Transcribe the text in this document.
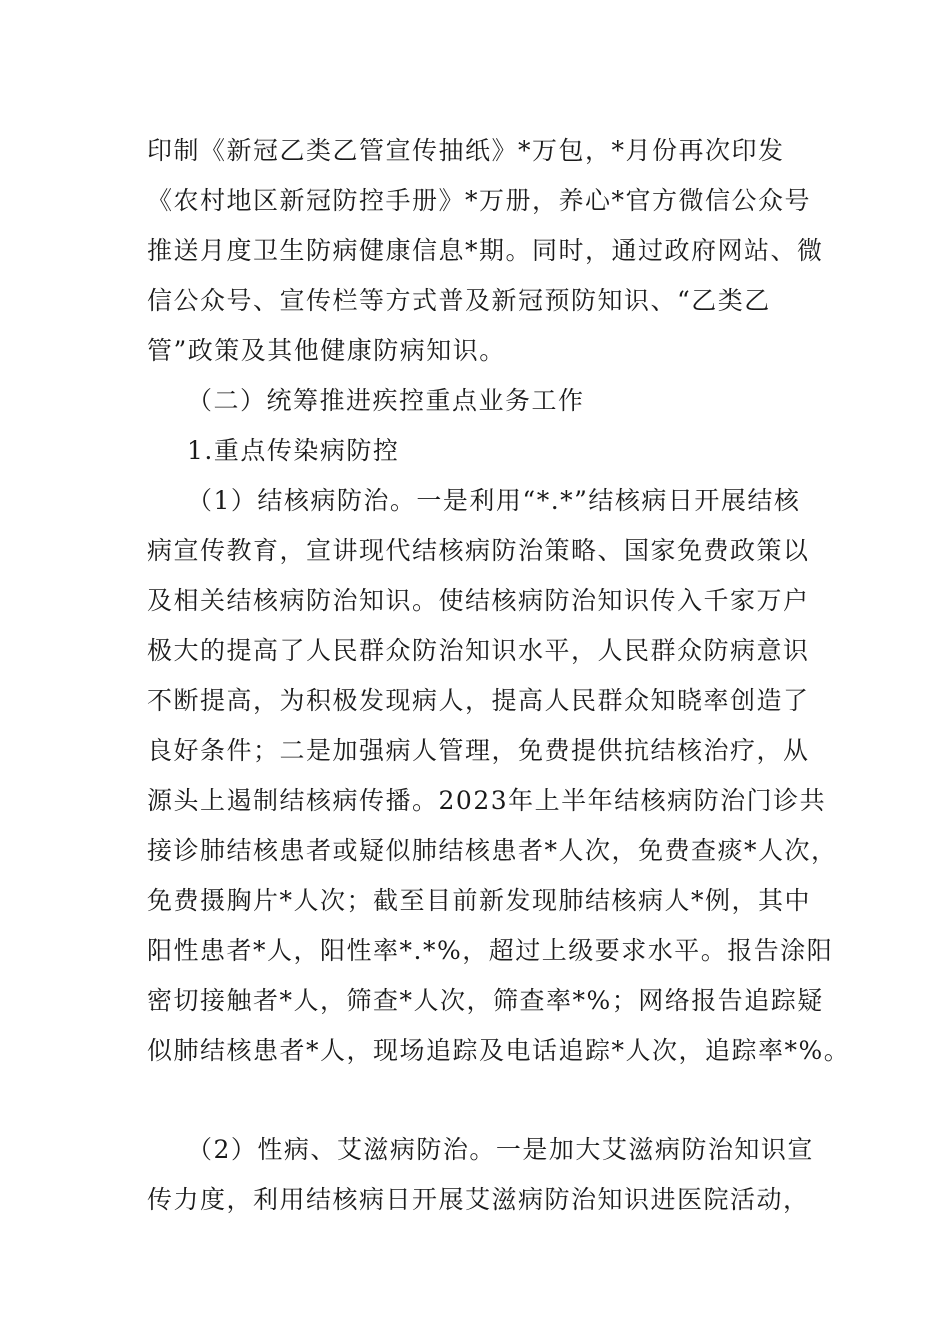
印制《新冠乙类乙管宣传抽纸》*万包，*月份再次印发
《农村地区新冠防控手册》*万册，养心*官方微信公众号
推送月度卫生防病健康信息*期。同时，通过政府网站、微
信公众号、宣传栏等方式普及新冠预防知识、“乙类乙
管”政策及其他健康防病知识。
（二）统筹推进疾控重点业务工作
1.重点传染病防控
（1）结核病防治。一是利用“*.*”结核病日开展结核
病宣传教育，宣讲现代结核病防治策略、国家免费政策以
及相关结核病防治知识。使结核病防治知识传入千家万户
极大的提高了人民群众防治知识水平，人民群众防病意识
不断提高，为积极发现病人，提高人民群众知晓率创造了
良好条件；二是加强病人管理，免费提供抗结核治疗，从
源头上遏制结核病传播。2023年上半年结核病防治门诊共
接诊肺结核患者或疑似肺结核患者*人次，免费查痰*人次，
免费摄胸片*人次；截至目前新发现肺结核病人*例，其中
阳性患者*人，阳性率*.*%，超过上级要求水平。报告涂阳
密切接触者*人，筛查*人次，筛查率*%；网络报告追踪疑
似肺结核患者*人，现场追踪及电话追踪*人次，追踪率*%。
（2）性病、艾滋病防治。一是加大艾滋病防治知识宣
传力度，利用结核病日开展艾滋病防治知识进医院活动，
